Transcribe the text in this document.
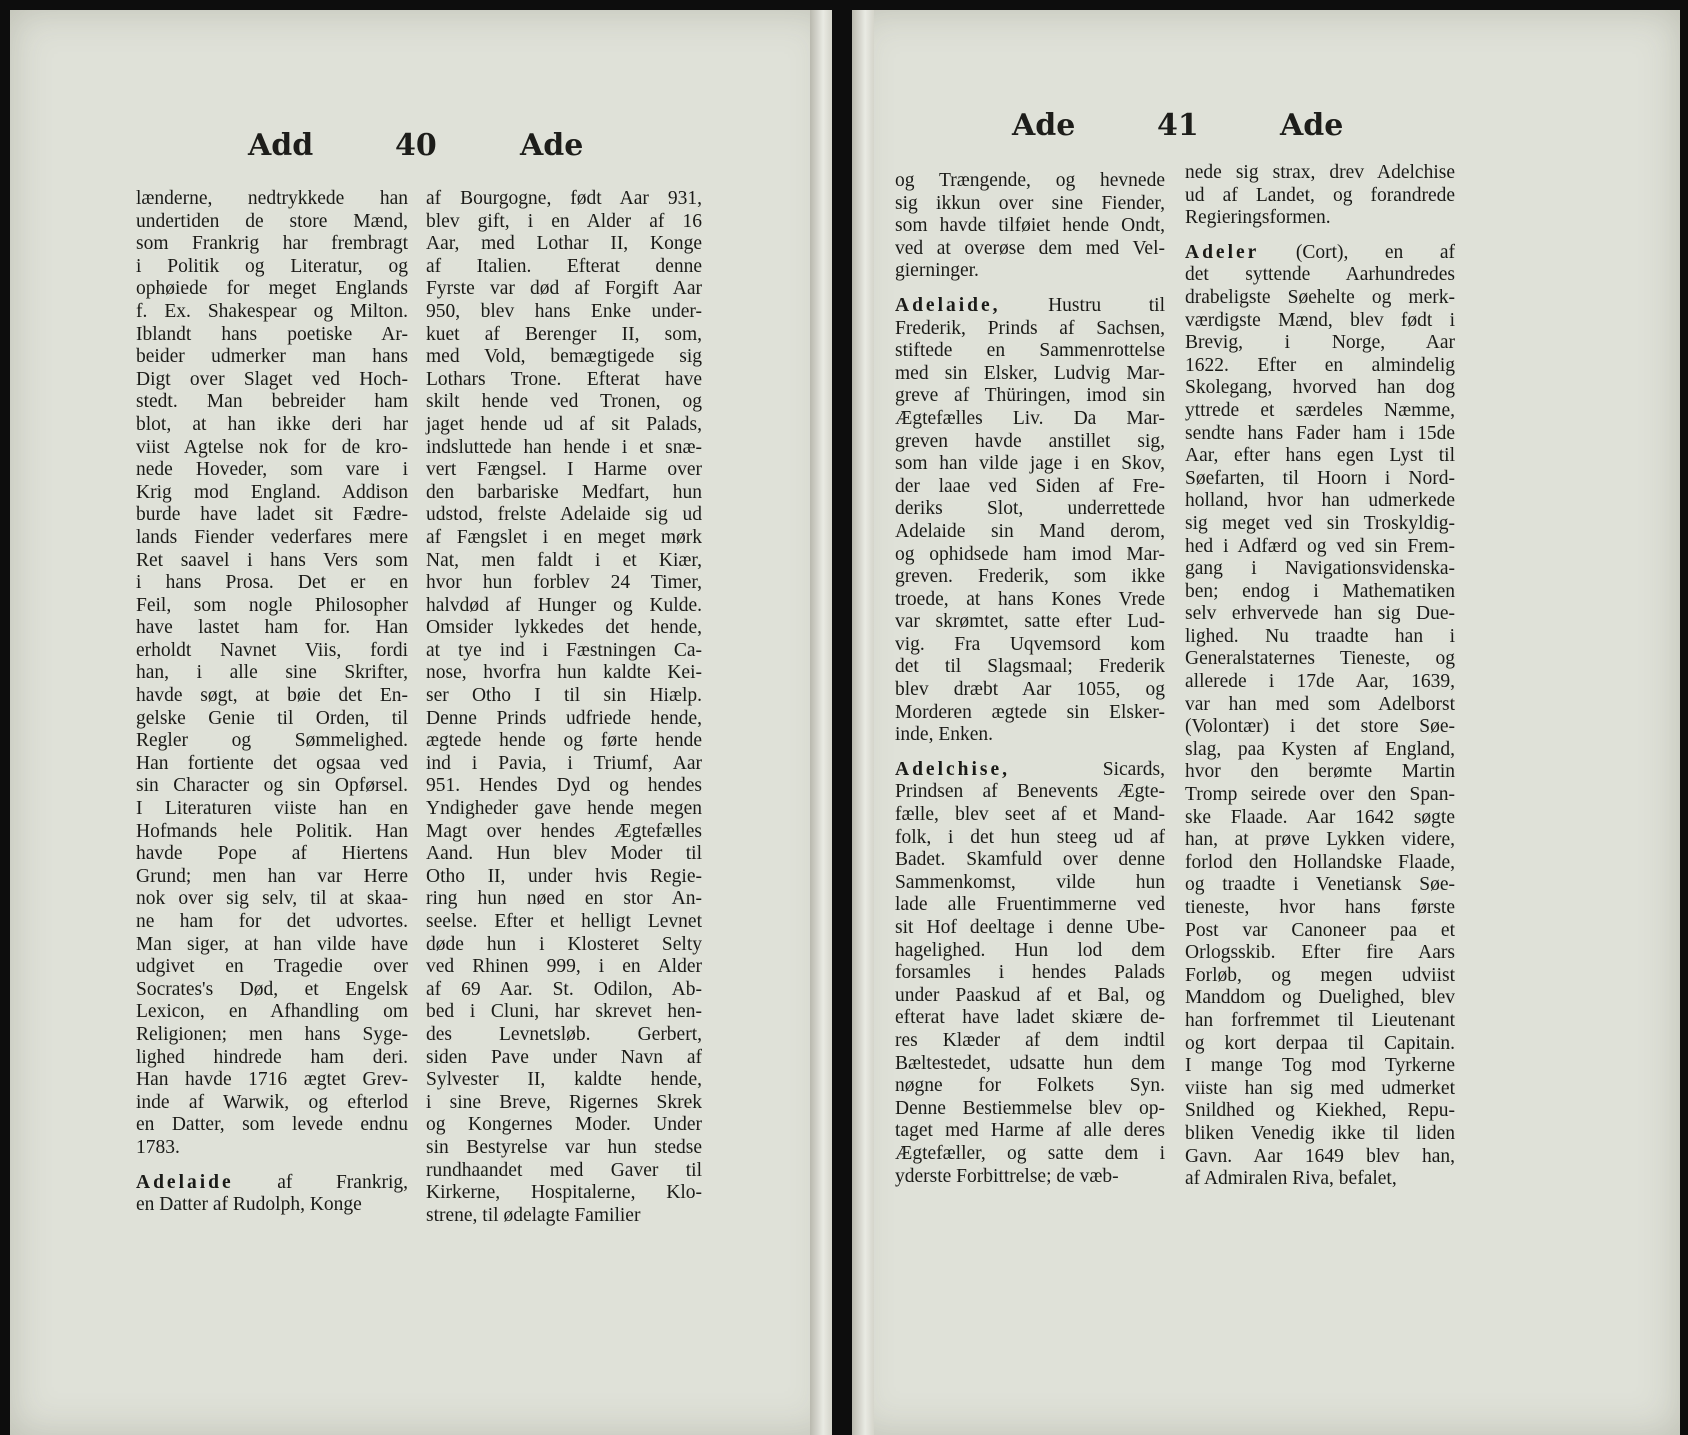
Add	40	Ade

lænderne, nedtrykkede han
undertiden de store Mænd,
som Frankrig har frembragt
i Politik og Literatur, og
ophøiede for meget Englands
f. Ex. Shakespear og Milton.
Iblandt hans poetiske Ar-
beider udmerker man hans
Digt over Slaget ved Hoch-
stedt. Man bebreider ham
blot, at han ikke deri har
viist Agtelse nok for de kro-
nede Hoveder, som vare i
Krig mod England. Addison
burde have ladet sit Fædre-
lands Fiender vederfares mere
Ret saavel i hans Vers som
i hans Prosa. Det er en
Feil, som nogle Philosopher
have lastet ham for. Han
erholdt Navnet Viis, fordi
han, i alle sine Skrifter,
havde søgt, at bøie det En-
gelske Genie til Orden, til
Regler og Sømmelighed.
Han fortiente det ogsaa ved
sin Character og sin Opførsel.
I Literaturen viiste han en
Hofmands hele Politik. Han
havde Pope af Hiertens
Grund; men han var Herre
nok over sig selv, til at skaa-
ne ham for det udvortes.
Man siger, at han vilde have
udgivet en Tragedie over
Socrates's Død, et Engelsk
Lexicon, en Afhandling om
Religionen; men hans Syge-
lighed hindrede ham deri.
Han havde 1716 ægtet Grev-
inde af Warwik, og efterlod
en Datter, som levede endnu
1783.

Adelaide af Frankrig,
en Datter af Rudolph, Konge

af Bourgogne, født Aar 931,
blev gift, i en Alder af 16
Aar, med Lothar II, Konge
af Italien. Efterat denne
Fyrste var død af Forgift Aar
950, blev hans Enke under-
kuet af Berenger II, som,
med Vold, bemægtigede sig
Lothars Trone. Efterat have
skilt hende ved Tronen, og
jaget hende ud af sit Palads,
indsluttede han hende i et snæ-
vert Fængsel. I Harme over
den barbariske Medfart, hun
udstod, frelste Adelaide sig ud
af Fængslet i en meget mørk
Nat, men faldt i et Kiær,
hvor hun forblev 24 Timer,
halvdød af Hunger og Kulde.
Omsider lykkedes det hende,
at tye ind i Fæstningen Ca-
nose, hvorfra hun kaldte Kei-
ser Otho I til sin Hiælp.
Denne Prinds udfriede hende,
ægtede hende og førte hende
ind i Pavia, i Triumf, Aar
951. Hendes Dyd og hendes
Yndigheder gave hende megen
Magt over hendes Ægtefælles
Aand. Hun blev Moder til
Otho II, under hvis Regie-
ring hun nøed en stor An-
seelse. Efter et helligt Levnet
døde hun i Klosteret Selty
ved Rhinen 999, i en Alder
af 69 Aar. St. Odilon, Ab-
bed i Cluni, har skrevet hen-
des Levnetsløb. Gerbert,
siden Pave under Navn af
Sylvester II, kaldte hende,
i sine Breve, Rigernes Skrek
og Kongernes Moder. Under
sin Bestyrelse var hun stedse
rundhaandet med Gaver til
Kirkerne, Hospitalerne, Klo-
strene, til ødelagte Familier

Ade	41	Ade

og Trængende, og hevnede
sig ikkun over sine Fiender,
som havde tilføiet hende Ondt,
ved at overøse dem med Vel-
gierninger.

Adelaide, Hustru til
Frederik, Prinds af Sachsen,
stiftede en Sammenrottelse
med sin Elsker, Ludvig Mar-
greve af Thüringen, imod sin
Ægtefælles Liv. Da Mar-
greven havde anstillet sig,
som han vilde jage i en Skov,
der laae ved Siden af Fre-
deriks Slot, underrettede
Adelaide sin Mand derom,
og ophidsede ham imod Mar-
greven. Frederik, som ikke
troede, at hans Kones Vrede
var skrømtet, satte efter Lud-
vig. Fra Uqvemsord kom
det til Slagsmaal; Frederik
blev dræbt Aar 1055, og
Morderen ægtede sin Elsker-
inde, Enken.

Adelchise, Sicards,
Prindsen af Benevents Ægte-
fælle, blev seet af et Mand-
folk, i det hun steeg ud af
Badet. Skamfuld over denne
Sammenkomst, vilde hun
lade alle Fruentimmerne ved
sit Hof deeltage i denne Ube-
hagelighed. Hun lod dem
forsamles i hendes Palads
under Paaskud af et Bal, og
efterat have ladet skiære de-
res Klæder af dem indtil
Bæltestedet, udsatte hun dem
nøgne for Folkets Syn.
Denne Bestiemmelse blev op-
taget med Harme af alle deres
Ægtefæller, og satte dem i
yderste Forbittrelse; de væb-

nede sig strax, drev Adelchise
ud af Landet, og forandrede
Regieringsformen.

Adeler (Cort), en af
det syttende Aarhundredes
drabeligste Søehelte og merk-
værdigste Mænd, blev født i
Brevig, i Norge, Aar
1622. Efter en almindelig
Skolegang, hvorved han dog
yttrede et særdeles Næmme,
sendte hans Fader ham i 15de
Aar, efter hans egen Lyst til
Søefarten, til Hoorn i Nord-
holland, hvor han udmerkede
sig meget ved sin Troskyldig-
hed i Adfærd og ved sin Frem-
gang i Navigationsvidenska-
ben; endog i Mathematiken
selv erhvervede han sig Due-
lighed. Nu traadte han i
Generalstaternes Tieneste, og
allerede i 17de Aar, 1639,
var han med som Adelborst
(Volontær) i det store Søe-
slag, paa Kysten af England,
hvor den berømte Martin
Tromp seirede over den Span-
ske Flaade. Aar 1642 søgte
han, at prøve Lykken videre,
forlod den Hollandske Flaade,
og traadte i Venetiansk Søe-
tieneste, hvor hans første
Post var Canoneer paa et
Orlogsskib. Efter fire Aars
Forløb, og megen udviist
Manddom og Duelighed, blev
han forfremmet til Lieutenant
og kort derpaa til Capitain.
I mange Tog mod Tyrkerne
viiste han sig med udmerket
Snildhed og Kiekhed, Repu-
bliken Venedig ikke til liden
Gavn. Aar 1649 blev han,
af Admiralen Riva, befalet,
